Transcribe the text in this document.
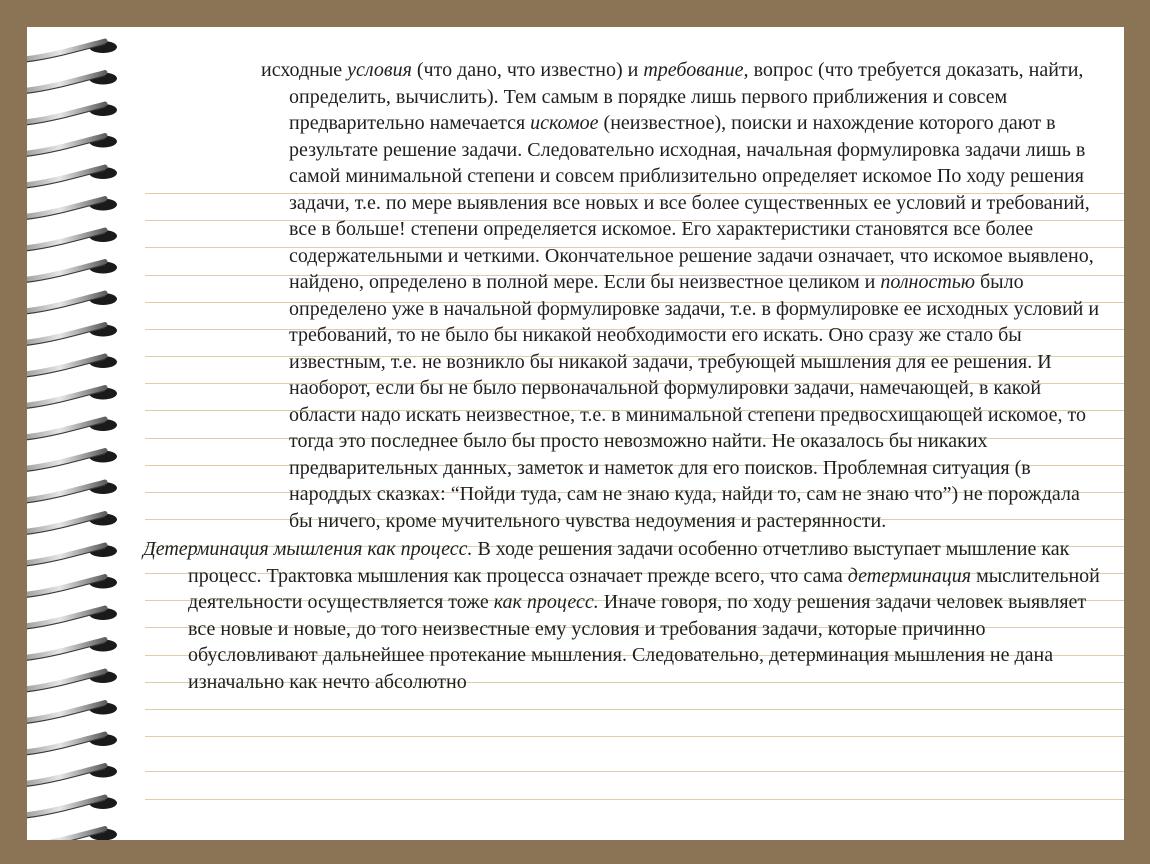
исходные условия (что дано, что известно) и требование, вопрос (что требуется доказать, найти, определить, вычислить). Тем самым в порядке лишь первого приближения и совсем предварительно намечается искомое (неизвестное), поиски и нахождение которого дают в результате решение задачи. Следовательно исходная, начальная формулировка задачи лишь в самой минимальной степени и совсем приблизительно определяет искомое По ходу решения задачи, т.е. по мере выявления все новых и все более существенных ее условий и требований, все в больше! степени определяется искомое. Его характеристики становятся все более содержательными и четкими. Окончательное решение задачи означает, что искомое выявлено, найдено, определено в полной мере. Если бы неизвестное целиком и полностью было определено уже в начальной формулировке задачи, т.е. в формулировке ее исходных условий и требований, то не было бы никакой необходимости его искать. Оно сразу же стало бы известным, т.е. не возникло бы никакой задачи, требующей мышления для ее решения. И наоборот, если бы не было первоначальной формулировки задачи, намечающей, в какой области надо искать неизвестное, т.е. в минимальной степени предвосхищающей искомое, то тогда это последнее было бы просто невозможно найти. Не оказалось бы никаких предварительных данных, заметок и наметок для его поисков. Проблемная ситуация (в народдых сказках: “Пойди туда, сам не знаю куда, найди то, сам не знаю что”) не порождала бы ничего, кроме мучительного чувства недоумения и растерянности.

Детерминация мышления как процесс. В ходе решения задачи особенно отчетливо выступает мышление как процесс. Трактовка мышления как процесса означает прежде всего, что сама детерминация мыслительной деятельности осуществляется тоже как процесс. Иначе говоря, по ходу решения задачи человек выявляет все новые и новые, до того неизвестные ему условия и требования задачи, которые причинно обусловливают дальнейшее протекание мышления. Следовательно, детерминация мышления не дана изначально как нечто абсолютно
